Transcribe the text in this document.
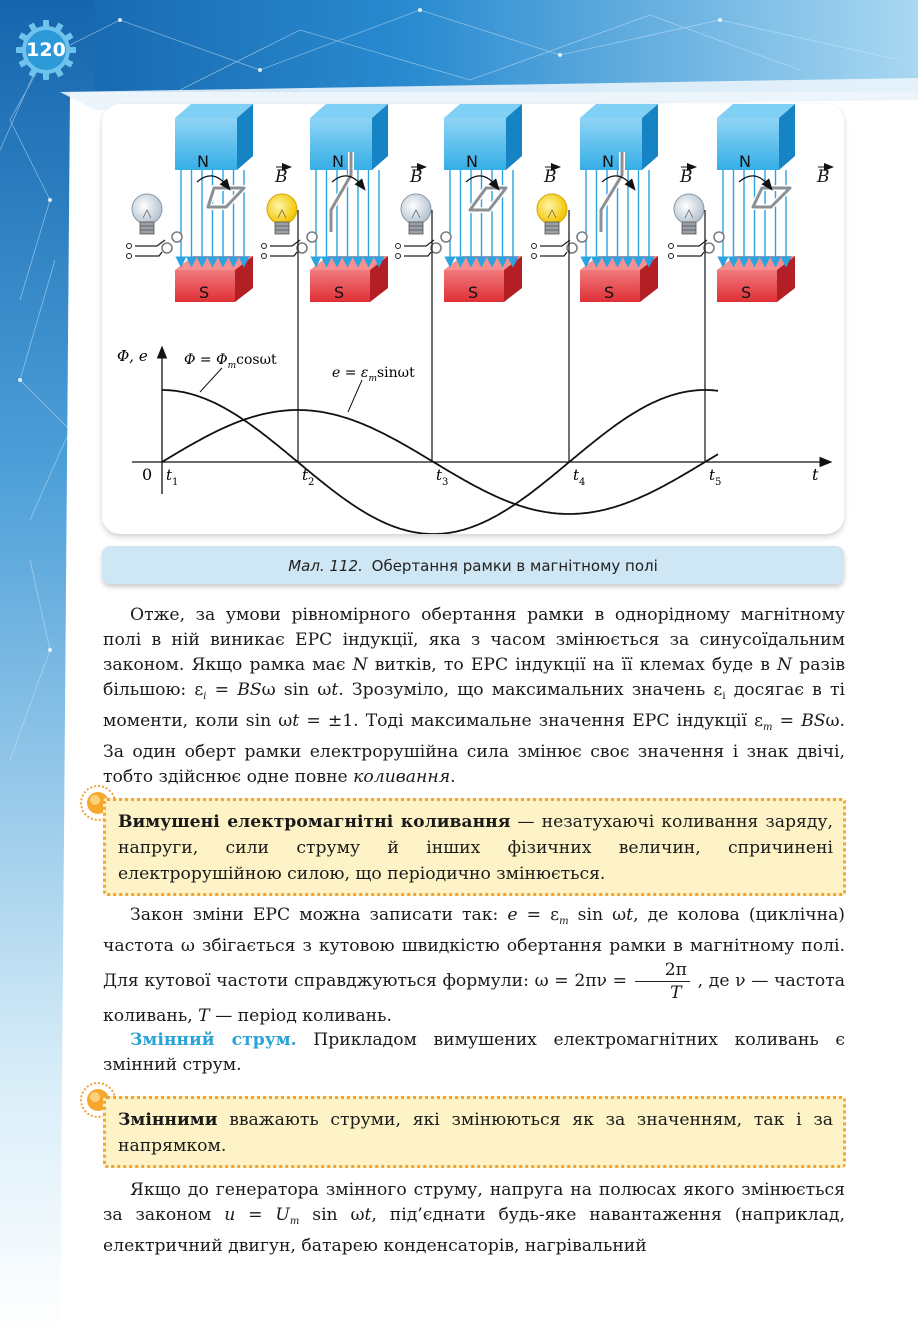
120
N
S
B
N
S
B
N
S
B
N
S
B
N
S
B
Φ, e
t
0 $t_1$	$t_2$	$t_3$	$t_4$	$t_5$
$\Phi = \Phi_m\cos\omega t$
$e = \varepsilon_m\sin\omega t$
Мал. 112. Обертання рамки в магнітному полі

Отже, за умови рівномірного обертання рамки в однорідному магнітному полі в ній виникає ЕРС індукції, яка з часом змінюється за синусоїдальним законом. Якщо рамка має N витків, то ЕРС індукції на її клемах буде в N разів більшою: $\varepsilon_i = BS\omega$ sin ωt. Зрозуміло, що максимальних значень $\varepsilon_i$ досягає в ті моменти, коли sin ωt = ±1. Тоді максимальне значення ЕРС індукції $\varepsilon_m = BS\omega$. За один оберт рамки електрорушійна сила змінює своє значення і знак двічі, тобто здійснює одне повне коливання.

Вимушені електромагнітні коливання — незатухаючі коливання заряду, напруги, сили струму й інших фізичних величин, спричинені електрорушійною силою, що періодично змінюється.

Закон зміни ЕРС можна записати так: $e = \varepsilon_m$ sin ωt, де колова (циклічна) частота ω збігається з кутовою швидкістю обертання рамки в магнітному полі. Для кутової частоти справджуються формули: $\omega = 2\pi\nu = \frac{2\pi}{T}$ , де ν — частота коливань, T — період коливань.

Змінний струм. Прикладом вимушених електромагнітних коливань є змінний струм.

Змінними вважають струми, які змінюються як за значенням, так і за напрямком.

Якщо до генератора змінного струму, напруга на полюсах якого змінюється за законом $u = U_m$ sin ωt, під’єднати будь-яке навантаження (наприклад, електричний двигун, батарею конденсаторів, нагрівальний
